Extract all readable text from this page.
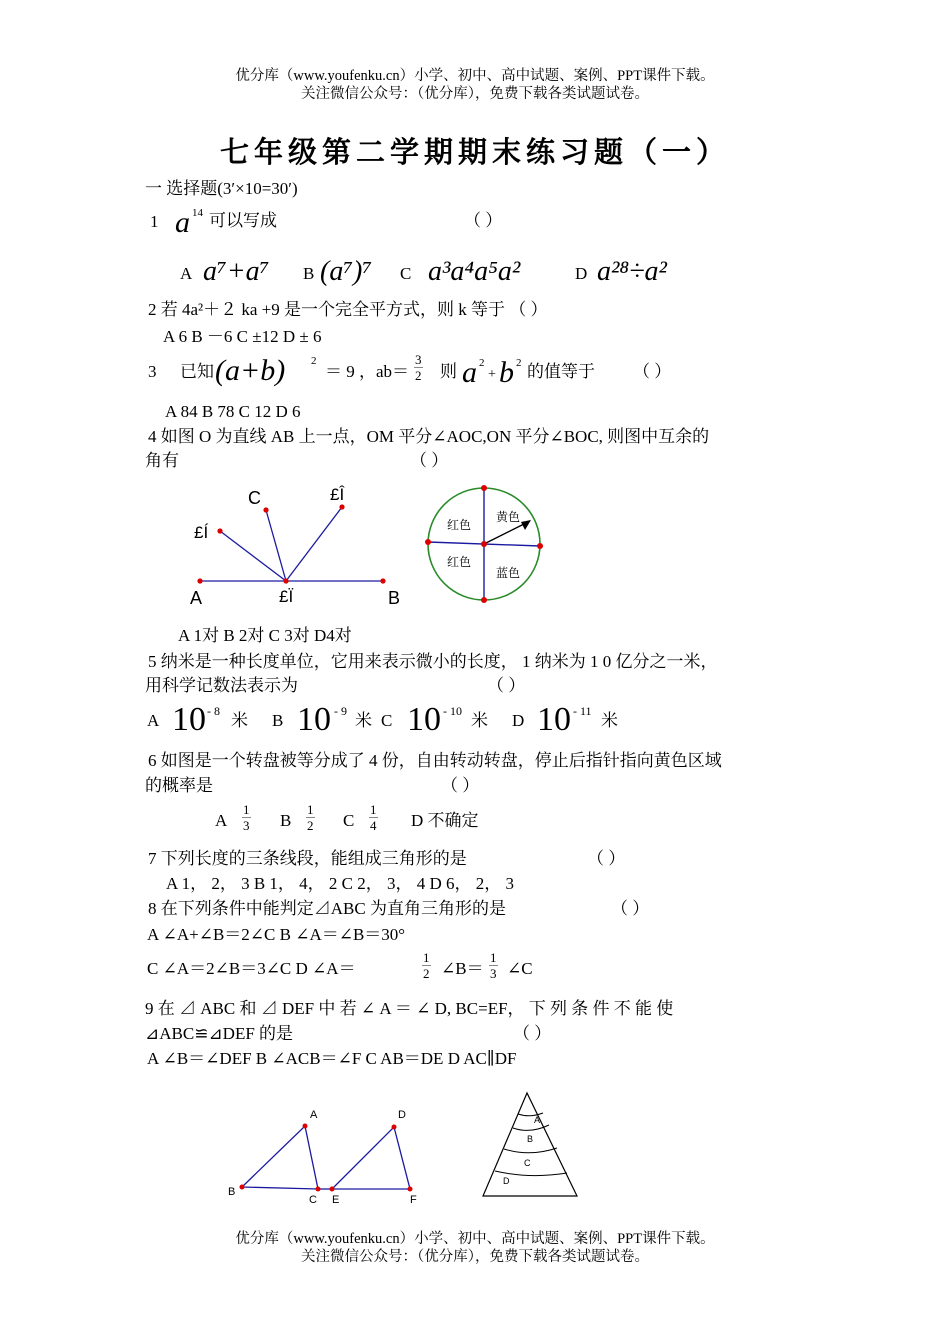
优分库（www.youfenku.cn）小学、初中、高中试题、案例、PPT课件下载。
关注微信公众号：（优分库），免费下载各类试题试卷。
七年级第二学期期末练习题（一）
一 选择题(3′×10=30′)
1 a 14 可以写成	（ ）
A a⁷+a⁷ B (a⁷)⁷ C a³a⁴a⁵a²	D a²⁸÷a²
2 若 4a²＋２ ka +9 是一个完全平方式，则 k 等于 （ ）
A 6 B －6 C ±12 D ± 6
3 已知 (a+b) 2
＝ 9 ，$ab= \frac{3}{2}$ 则 a 2
+ b 2 的值等于 （ ）
A 84 B 78 C 12 D 6
4 如图 O 为直线 AB 上一点，OM 平分∠AOC,ON 平分∠BOC, 则图中互余的
角有	（ ）
C	£Î
£Í
A	£Ï	B
红色
黄色
红色
蓝色
A 1对 B 2对 C 3对 D4对
5 纳米是一种长度单位，它用来表示微小的长度， 1 纳米为 1 0 亿分之一米，
用科学记数法表示为	（ ）
A 10 - 8 米 B 10 - 9 米 C 10 - 10 米 D 10 - 11 米
6 如图是一个转盘被等分成了 4 份，自由转动转盘，停止后指针指向黄色区域
的概率是	（ ）
A $\frac{1}{3}$ B $\frac{1}{2}$ C $\frac{1}{4}$ D 不确定
7 下列长度的三条线段，能组成三角形的是	（ ）
A 1， 2， 3 B 1， 4， 2 C 2， 3， 4 D 6， 2， 3
8 在下列条件中能判定⊿ABC 为直角三角形的是	（ ）
A ∠A+∠B＝2∠C B ∠A＝∠B＝30°
C ∠A＝2∠B＝3∠C D ∠A＝	$\frac{1}{2}$ ∠B＝ $\frac{1}{3}$ ∠C
9 在 ⊿ ABC 和 ⊿ DEF 中 若 ∠ A ＝ ∠ D, BC=EF， 下 列 条 件 不 能 使
⊿ABC≌⊿DEF 的是	（ ）
A ∠B＝∠DEF B ∠ACB＝∠F C AB＝DE D AC∥DF
A
B
C
D
E	F
A
B
C
D
优分库（www.youfenku.cn）小学、初中、高中试题、案例、PPT课件下载。
关注微信公众号：（优分库），免费下载各类试题试卷。
